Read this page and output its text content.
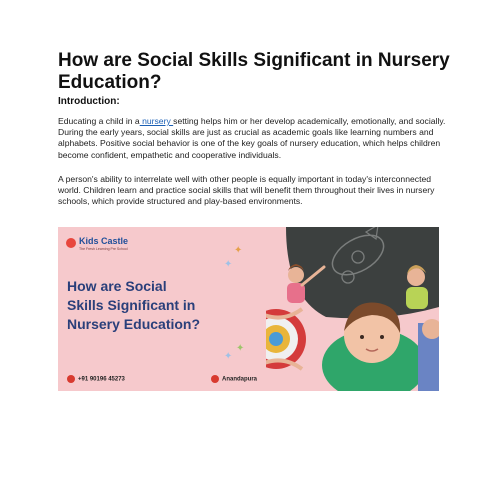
How are Social Skills Significant in Nursery Education?

Introduction:

Educating a child in a nursery setting helps him or her develop academically, emotionally, and socially. During the early years, social skills are just as crucial as academic goals like learning numbers and alphabets. Positive social behavior is one of the key goals of nursery education, which helps children become confident, empathetic and cooperative individuals.

A person's ability to interrelate well with other people is equally important in today's interconnected world. Children learn and practice social skills that will benefit them throughout their lives in nursery schools, which provide structured and play-based environments.

Kids Castle
The Fresh Learning Pre School
How are Social
Skills Significant in
Nursery Education?
✦
✦
✦
✦
+91 90196 45273	Anandapura
